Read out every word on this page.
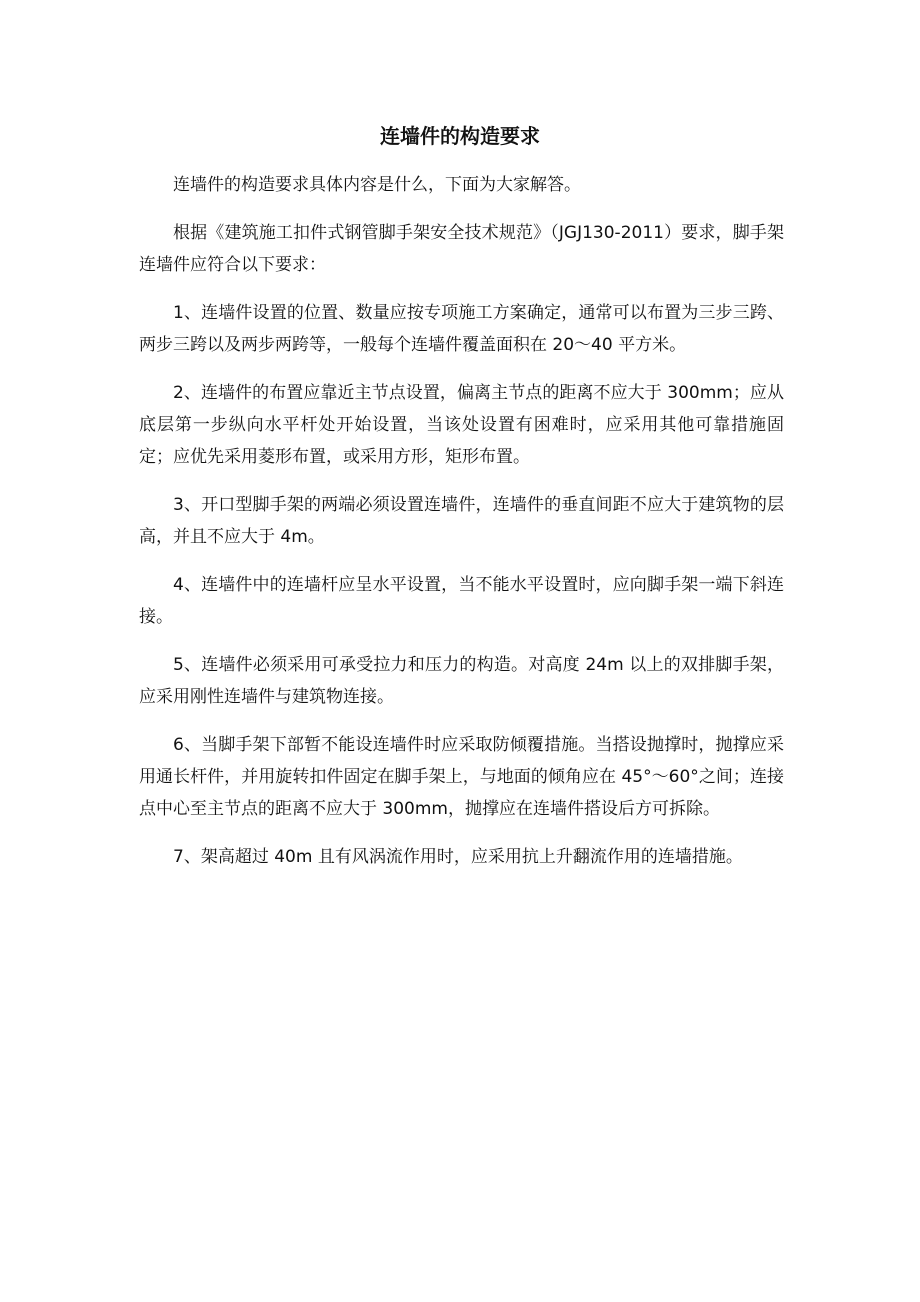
连墙件的构造要求

连墙件的构造要求具体内容是什么，下面为大家解答。

根据《建筑施工扣件式钢管脚手架安全技术规范》（JGJ130-2011）要求，脚手架连墙件应符合以下要求：

1、连墙件设置的位置、数量应按专项施工方案确定，通常可以布置为三步三跨、两步三跨以及两步两跨等，一般每个连墙件覆盖面积在 20～40 平方米。

2、连墙件的布置应靠近主节点设置，偏离主节点的距离不应大于 300mm；应从底层第一步纵向水平杆处开始设置，当该处设置有困难时，应采用其他可靠措施固定；应优先采用菱形布置，或采用方形，矩形布置。

3、开口型脚手架的两端必须设置连墙件，连墙件的垂直间距不应大于建筑物的层高，并且不应大于 4m。

4、连墙件中的连墙杆应呈水平设置，当不能水平设置时，应向脚手架一端下斜连接。

5、连墙件必须采用可承受拉力和压力的构造。对高度 24m 以上的双排脚手架，应采用刚性连墙件与建筑物连接。

6、当脚手架下部暂不能设连墙件时应采取防倾覆措施。当搭设抛撑时，抛撑应采用通长杆件，并用旋转扣件固定在脚手架上，与地面的倾角应在 45°～60°之间；连接点中心至主节点的距离不应大于 300mm，抛撑应在连墙件搭设后方可拆除。

7、架高超过 40m 且有风涡流作用时，应采用抗上升翻流作用的连墙措施。
